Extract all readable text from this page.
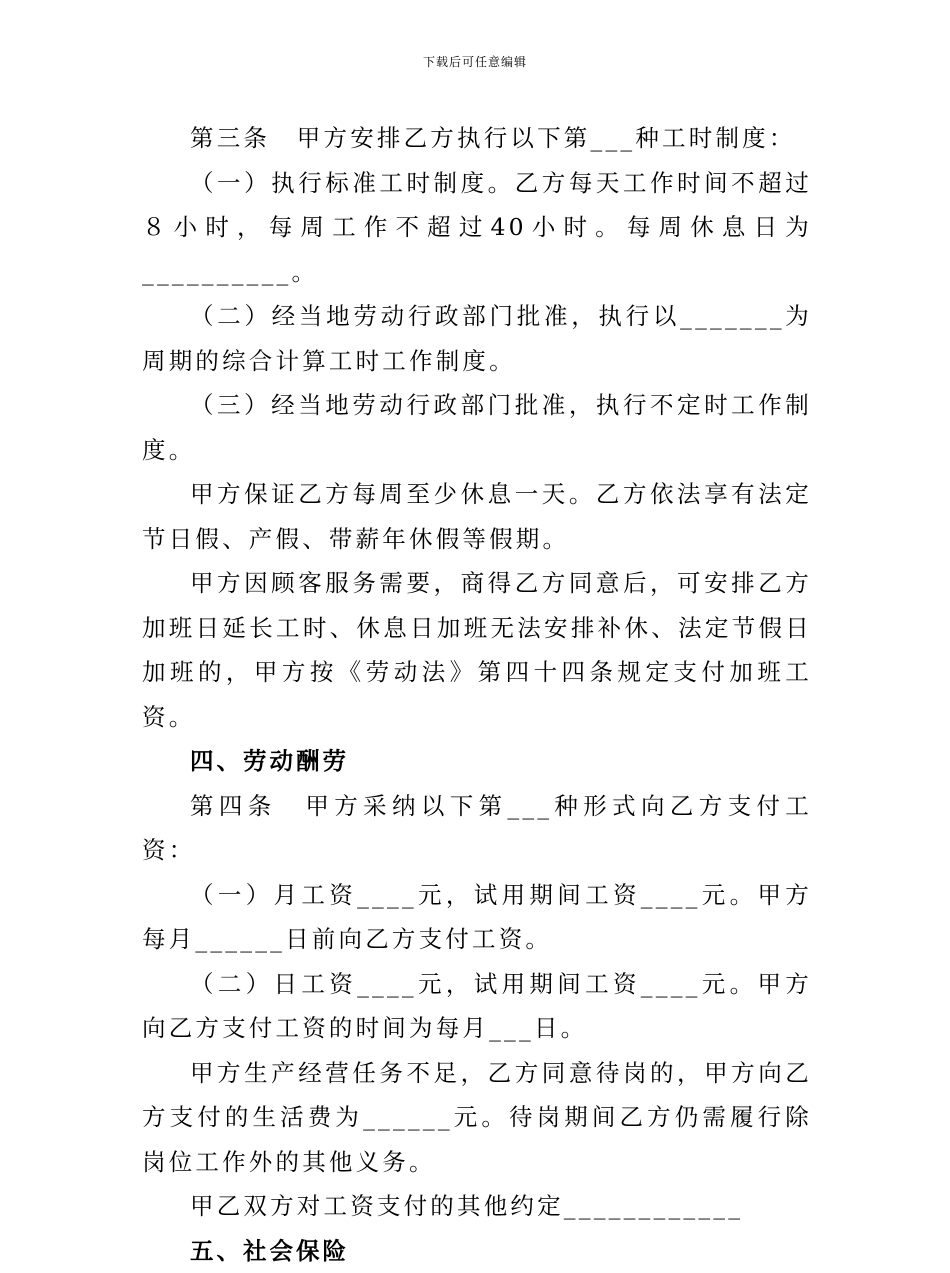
下载后可任意编辑

第三条　甲方安排乙方执行以下第___种工时制度：

（一）执行标准工时制度。乙方每天工作时间不超过８小时，每周工作不超过40小时。每周休息日为__________。

（二）经当地劳动行政部门批准，执行以_______为周期的综合计算工时工作制度。

（三）经当地劳动行政部门批准，执行不定时工作制度。

甲方保证乙方每周至少休息一天。乙方依法享有法定节日假、产假、带薪年休假等假期。

甲方因顾客服务需要，商得乙方同意后，可安排乙方加班日延长工时、休息日加班无法安排补休、法定节假日加班的，甲方按《劳动法》第四十四条规定支付加班工资。

四、劳动酬劳

第四条　甲方采纳以下第___种形式向乙方支付工资：

（一）月工资____元，试用期间工资____元。甲方每月______日前向乙方支付工资。

（二）日工资____元，试用期间工资____元。甲方向乙方支付工资的时间为每月___日。

甲方生产经营任务不足，乙方同意待岗的，甲方向乙方支付的生活费为______元。待岗期间乙方仍需履行除岗位工作外的其他义务。

甲乙双方对工资支付的其他约定____________

五、社会保险
